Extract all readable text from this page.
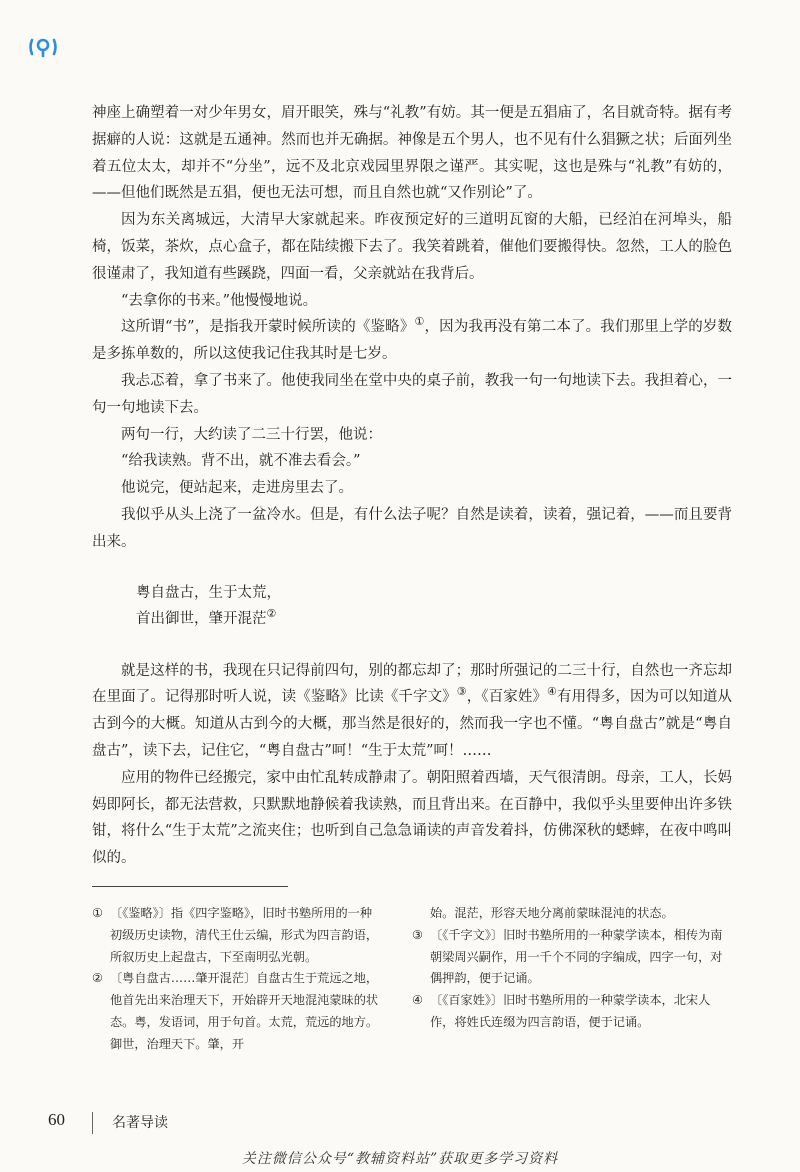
神座上确塑着一对少年男女，眉开眼笑，殊与“礼教”有妨。其一便是五猖庙了，名目就奇特。据有考据癖的人说：这就是五通神。然而也并无确据。神像是五个男人，也不见有什么猖獗之状；后面列坐着五位太太，却并不“分坐”，远不及北京戏园里界限之谨严。其实呢，这也是殊与“礼教”有妨的，——但他们既然是五猖，便也无法可想，而且自然也就“又作别论”了。

因为东关离城远，大清早大家就起来。昨夜预定好的三道明瓦窗的大船，已经泊在河埠头，船椅，饭菜，茶炊，点心盒子，都在陆续搬下去了。我笑着跳着，催他们要搬得快。忽然，工人的脸色很谨肃了，我知道有些蹊跷，四面一看，父亲就站在我背后。

“去拿你的书来。”他慢慢地说。

这所谓“书”，是指我开蒙时候所读的《鉴略》①，因为我再没有第二本了。我们那里上学的岁数是多拣单数的，所以这使我记住我其时是七岁。

我忐忑着，拿了书来了。他使我同坐在堂中央的桌子前，教我一句一句地读下去。我担着心，一句一句地读下去。

两句一行，大约读了二三十行罢，他说：

“给我读熟。背不出，就不准去看会。”

他说完，便站起来，走进房里去了。

我似乎从头上浇了一盆冷水。但是，有什么法子呢？自然是读着，读着，强记着，——而且要背出来。

粤自盘古，生于太荒，
首出御世，肇开混茫②

就是这样的书，我现在只记得前四句，别的都忘却了；那时所强记的二三十行，自然也一齐忘却在里面了。记得那时听人说，读《鉴略》比读《千字文》③，《百家姓》④有用得多，因为可以知道从古到今的大概。知道从古到今的大概，那当然是很好的，然而我一字也不懂。“粤自盘古”就是“粤自盘古”，读下去，记住它，“粤自盘古”呵！“生于太荒”呵！……

应用的物件已经搬完，家中由忙乱转成静肃了。朝阳照着西墙，天气很清朗。母亲，工人，长妈妈即阿长，都无法营救，只默默地静候着我读熟，而且背出来。在百静中，我似乎头里要伸出许多铁钳，将什么“生于太荒”之流夹住；也听到自己急急诵读的声音发着抖，仿佛深秋的蟋蟀，在夜中鸣叫似的。

① 〔《鉴略》〕指《四字鉴略》，旧时书塾所用的一种初级历史读物，清代王仕云编，形式为四言韵语，所叙历史上起盘古，下至南明弘光朝。
② 〔粤自盘古……肇开混茫〕自盘古生于荒远之地，他首先出来治理天下，开始辟开天地混沌蒙昧的状态。粤，发语词，用于句首。太荒，荒远的地方。御世，治理天下。肇，开
始。混茫，形容天地分离前蒙昧混沌的状态。
③ 〔《千字文》〕旧时书塾所用的一种蒙学读本，相传为南朝梁周兴嗣作，用一千个不同的字编成，四字一句，对偶押韵，便于记诵。
④ 〔《百家姓》〕旧时书塾所用的一种蒙学读本，北宋人作，将姓氏连缀为四言韵语，便于记诵。
60	名著导读
关注微信公众号“教辅资料站”获取更多学习资料
